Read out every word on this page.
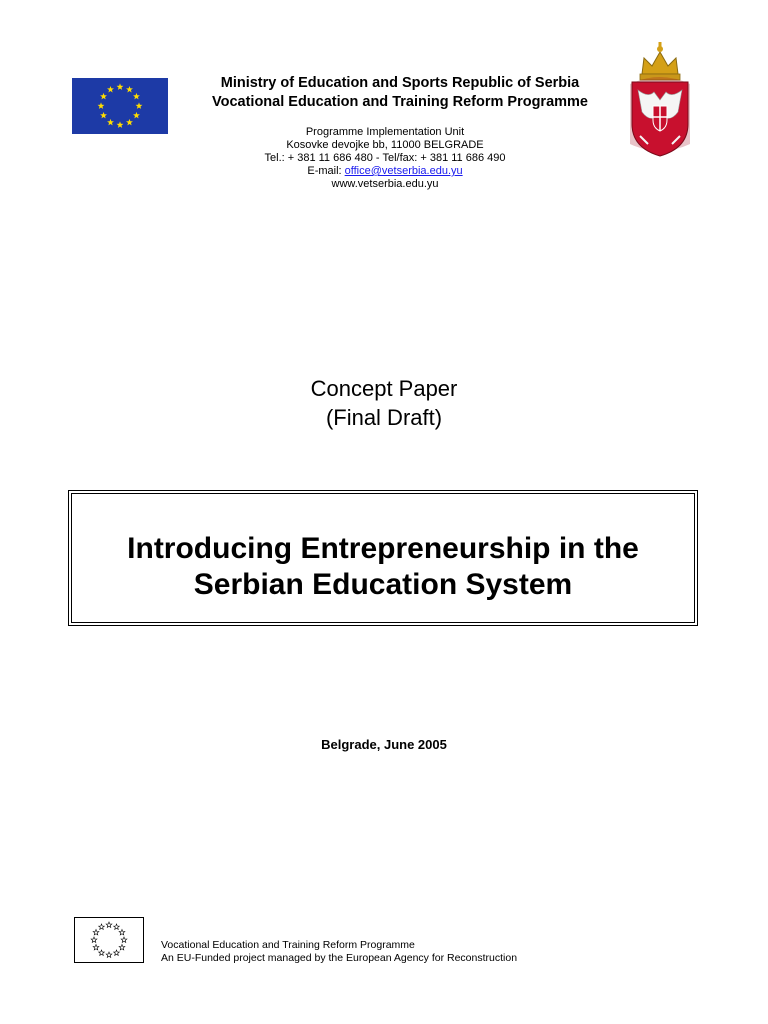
Ministry of Education and Sports Republic of Serbia
Vocational Education and Training Reform Programme
Programme Implementation Unit
Kosovke devojke bb, 11000 BELGRADE
Tel.: + 381 11 686 480 - Tel/fax: + 381 11 686 490
E-mail: office@vetserbia.edu.yu
www.vetserbia.edu.yu
Concept Paper
(Final Draft)
Introducing Entrepreneurship in the
Serbian Education System
Belgrade, June 2005
Vocational Education and Training Reform Programme
An EU-Funded project managed by the European Agency for Reconstruction
